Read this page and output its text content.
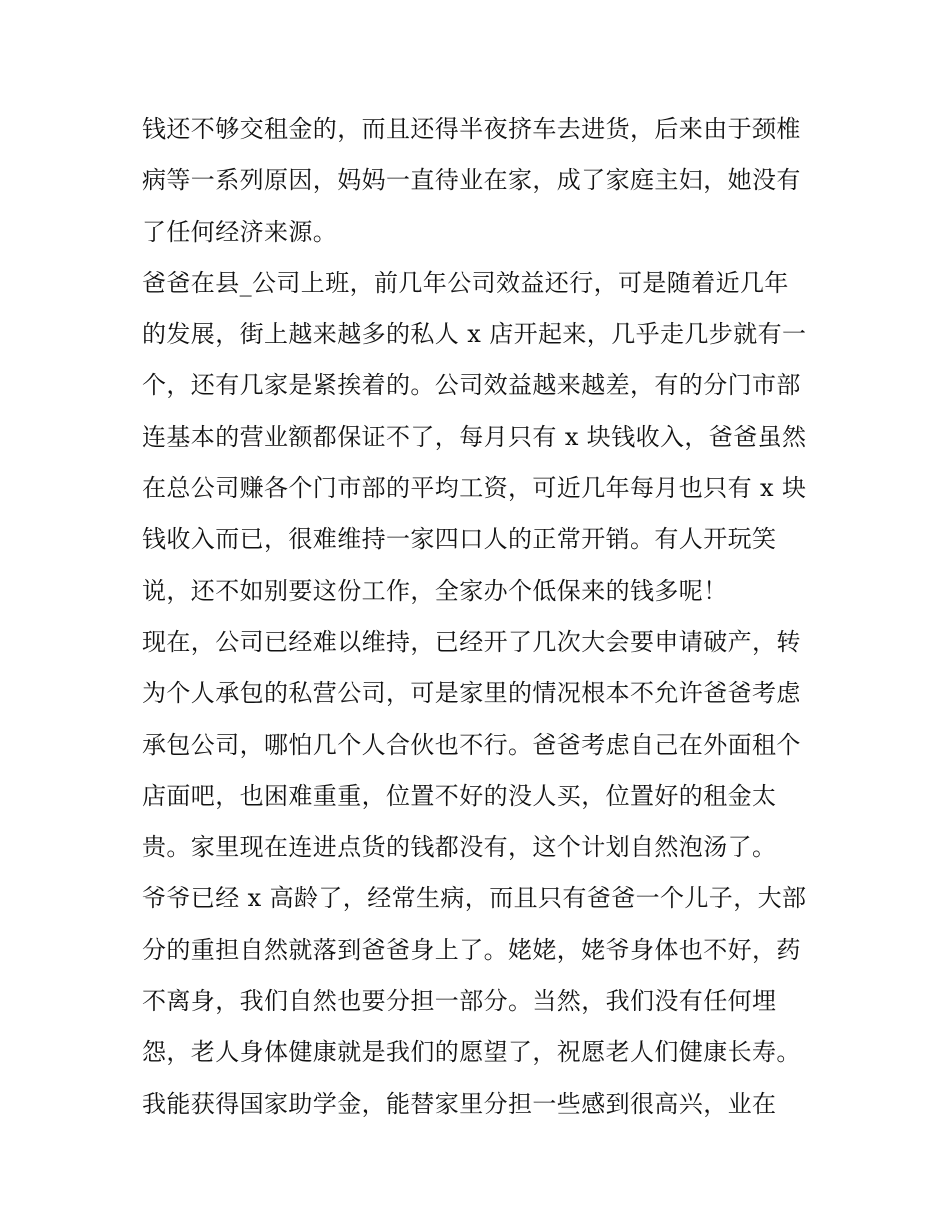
钱还不够交租金的，而且还得半夜挤车去进货，后来由于颈椎
病等一系列原因，妈妈一直待业在家，成了家庭主妇，她没有
了任何经济来源。
爸爸在县_公司上班，前几年公司效益还行，可是随着近几年
的发展，街上越来越多的私人 x 店开起来，几乎走几步就有一
个，还有几家是紧挨着的。公司效益越来越差，有的分门市部
连基本的营业额都保证不了，每月只有 x 块钱收入，爸爸虽然
在总公司赚各个门市部的平均工资，可近几年每月也只有 x 块
钱收入而已，很难维持一家四口人的正常开销。有人开玩笑
说，还不如别要这份工作，全家办个低保来的钱多呢！
现在，公司已经难以维持，已经开了几次大会要申请破产，转
为个人承包的私营公司，可是家里的情况根本不允许爸爸考虑
承包公司，哪怕几个人合伙也不行。爸爸考虑自己在外面租个
店面吧，也困难重重，位置不好的没人买，位置好的租金太
贵。家里现在连进点货的钱都没有，这个计划自然泡汤了。
爷爷已经 x 高龄了，经常生病，而且只有爸爸一个儿子，大部
分的重担自然就落到爸爸身上了。姥姥，姥爷身体也不好，药
不离身，我们自然也要分担一部分。当然，我们没有任何埋
怨，老人身体健康就是我们的愿望了，祝愿老人们健康长寿。
我能获得国家助学金，能替家里分担一些感到很高兴，业在
